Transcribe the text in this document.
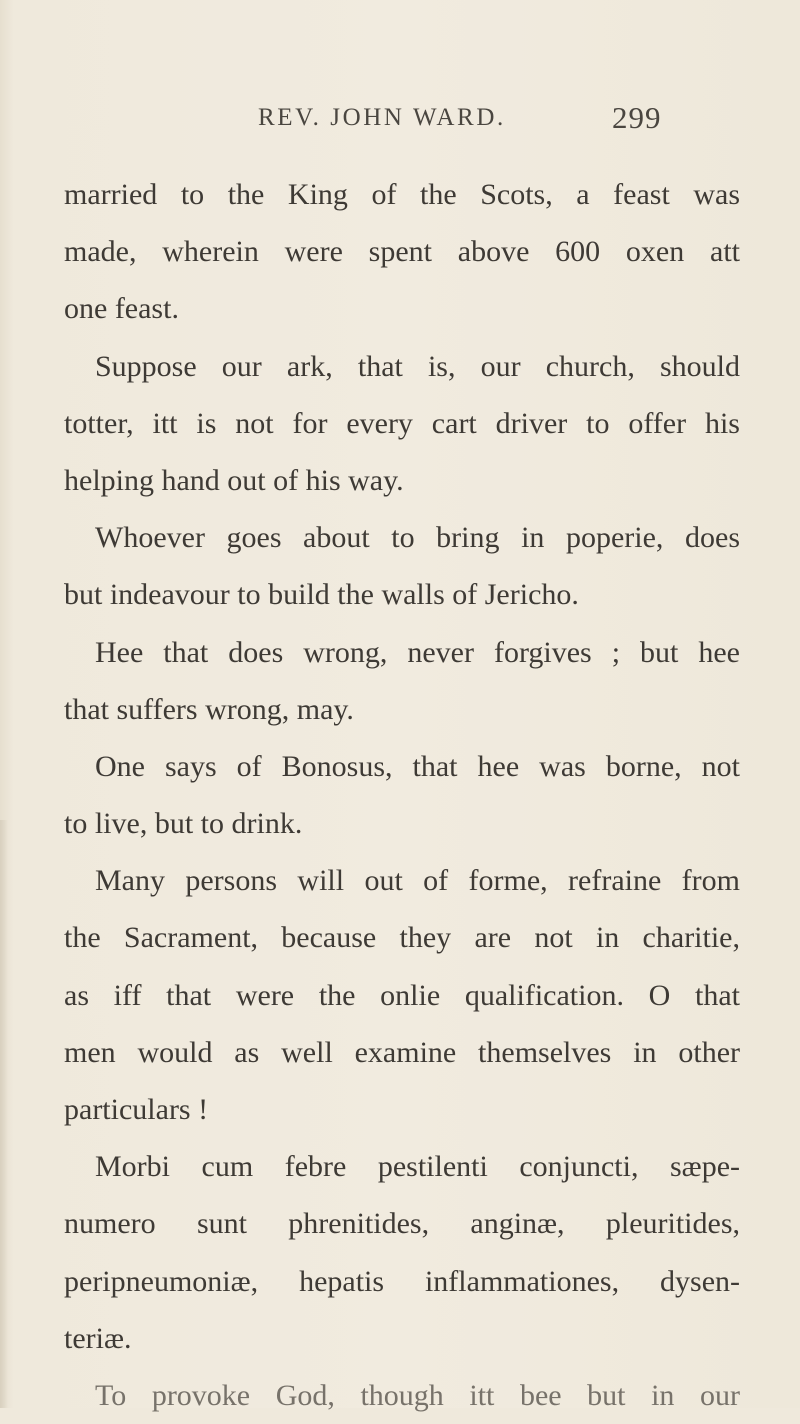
REV. JOHN WARD.	299
married to the King of the Scots, a feast was
made, wherein were spent above 600 oxen att
one feast.
Suppose our ark, that is, our church, should
totter, itt is not for every cart driver to offer his
helping hand out of his way.
Whoever goes about to bring in poperie, does
but indeavour to build the walls of Jericho.
Hee that does wrong, never forgives ; but hee
that suffers wrong, may.
One says of Bonosus, that hee was borne, not
to live, but to drink.
Many persons will out of forme, refraine from
the Sacrament, because they are not in charitie,
as iff that were the onlie qualification. O that
men would as well examine themselves in other
particulars !
Morbi cum febre pestilenti conjuncti, sæpe-
numero sunt phrenitides, anginæ, pleuritides,
peripneumoniæ, hepatis inflammationes, dysen-
teriæ.
To provoke God, though itt bee but in our
